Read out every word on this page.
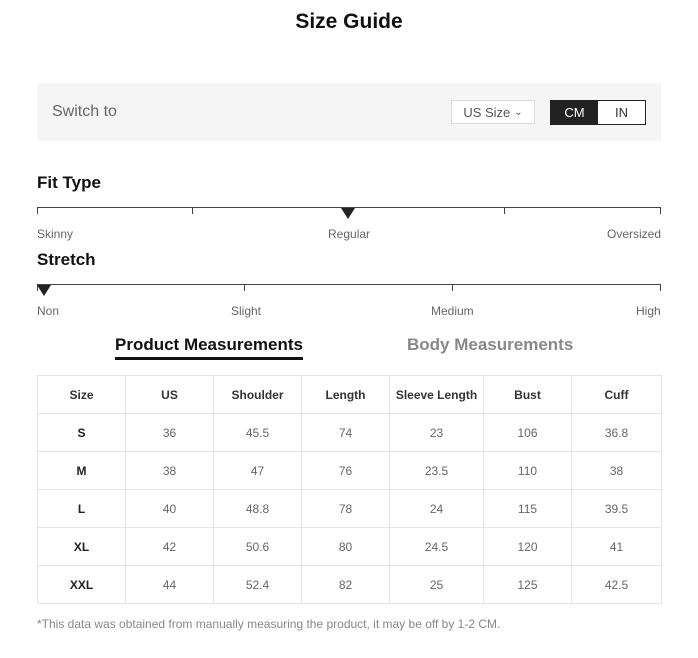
Size Guide
Switch to	US Size ⌄	CM	IN
Fit Type
Skinny	Regular	Oversized
Stretch
Non	Slight	Medium	High
Product Measurements	Body Measurements
Size	US	Shoulder	Length	Sleeve Length	Bust	Cuff
S	36	45.5	74	23	106	36.8
M	38	47	76	23.5	110	38
L	40	48.8	78	24	115	39.5
XL	42	50.6	80	24.5	120	41
XXL	44	52.4	82	25	125	42.5
*This data was obtained from manually measuring the product, it may be off by 1-2 CM.
